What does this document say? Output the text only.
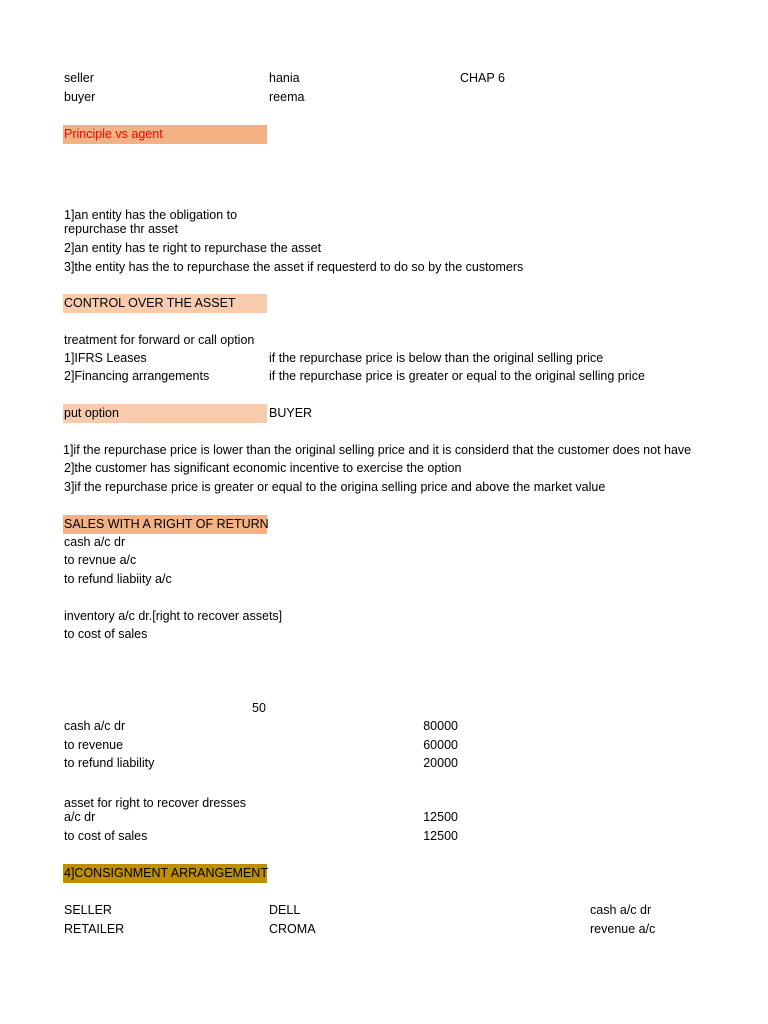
seller	hania	CHAP 6
buyer	reema
Principle vs agent
1]an entity has the obligation to
repurchase thr asset
2]an entity has te right to repurchase the asset
3]the entity has the to repurchase the asset if requesterd to do so by the customers
CONTROL OVER THE ASSET
treatment for forward or call option
1]IFRS Leases	if the repurchase price is below than the original selling price
2]Financing arrangements	if the repurchase price is greater or equal to the original selling price
put option	BUYER
1]if the repurchase price is lower than the original selling price and it is considerd that the customer does not have
2]the customer has significant economic incentive to exercise the option
3]if the repurchase price is greater or equal to the origina selling price and above the market value
SALES WITH A RIGHT OF RETURN
cash a/c dr
to revnue a/c
to refund liabiity a/c
inventory a/c dr.[right to recover assets]
to cost of sales
50
cash a/c dr	80000
to revenue	60000
to refund liability	20000
asset for right to recover dresses
a/c dr	12500
to cost of sales	12500
4]CONSIGNMENT ARRANGEMENT
SELLER	DELL	cash a/c dr
RETAILER	CROMA	revenue a/c
